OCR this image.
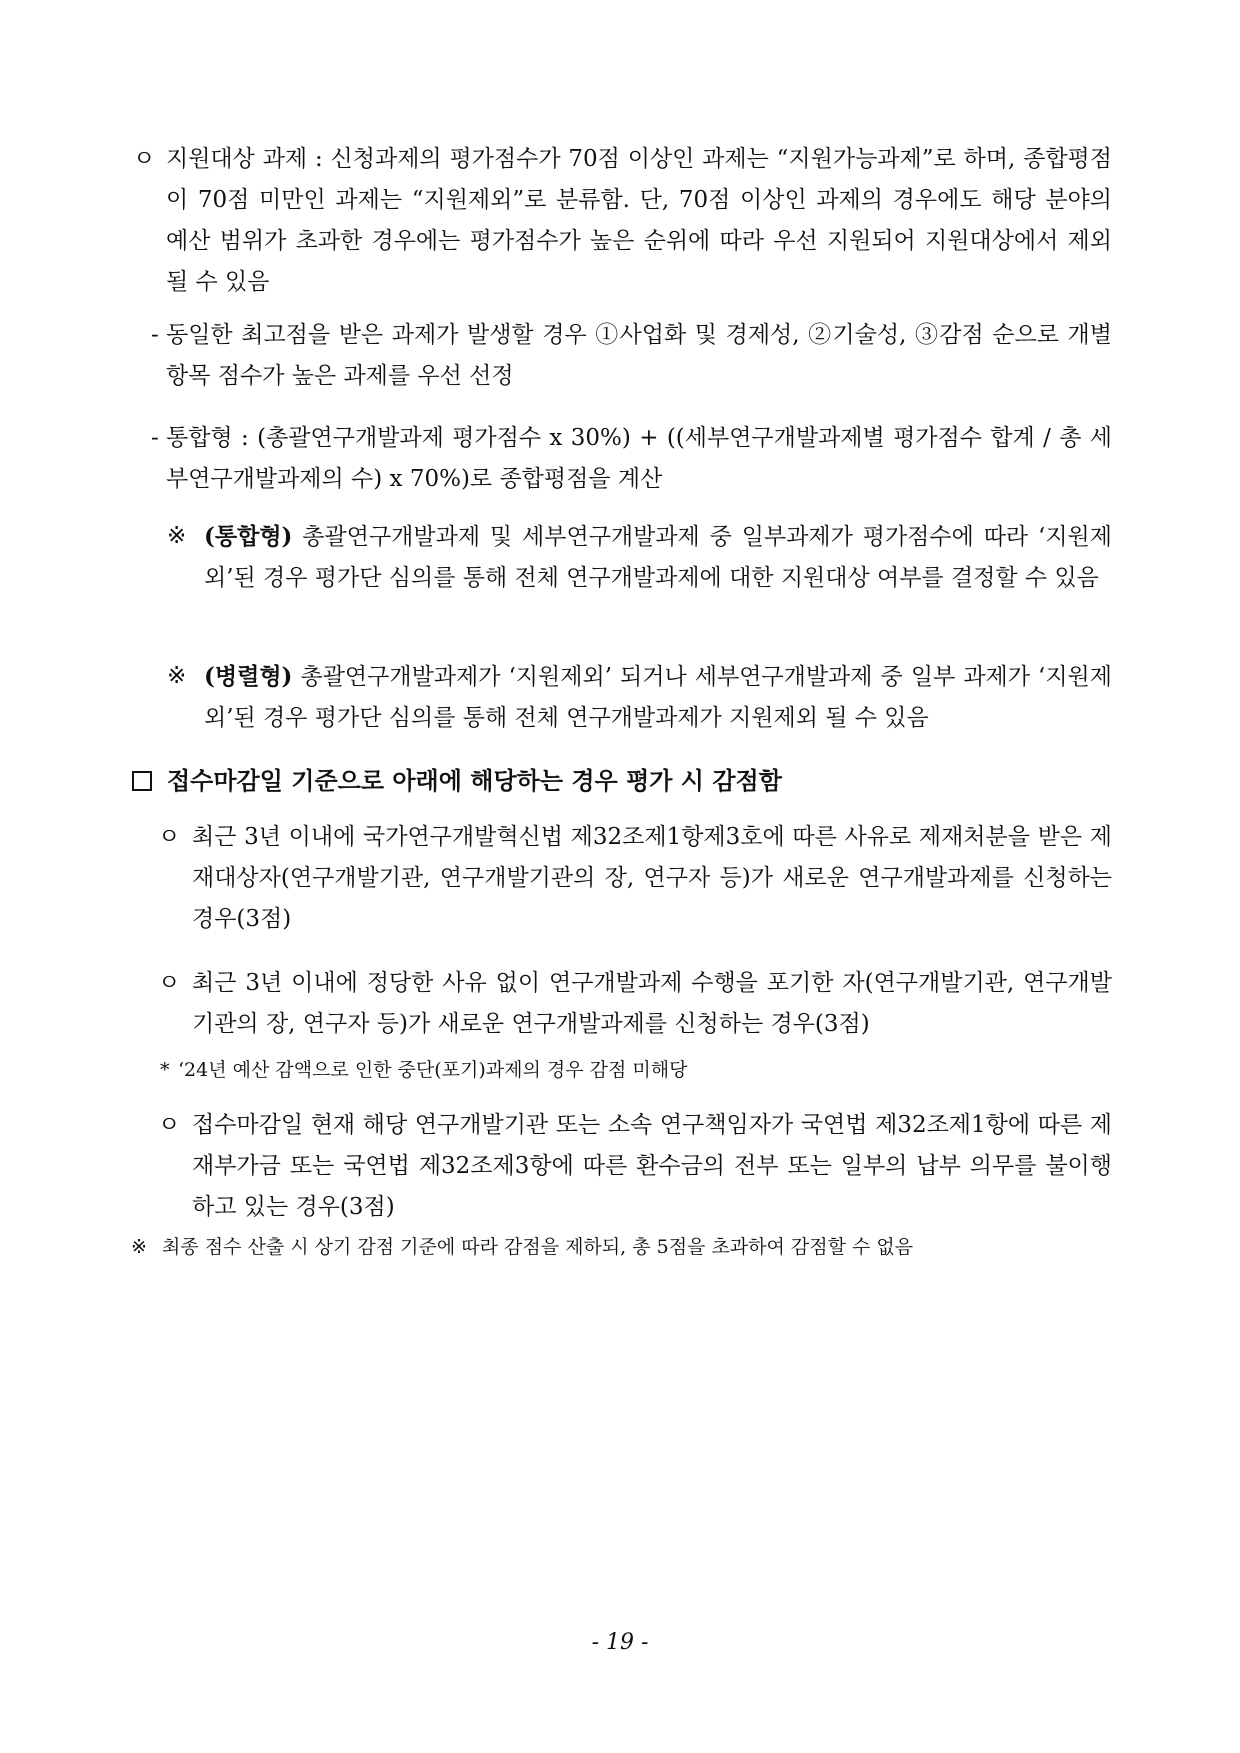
ㅇ 지원대상 과제 : 신청과제의 평가점수가 70점 이상인 과제는 “지원가능과제”로 하며, 종합평점이 70점 미만인 과제는 “지원제외”로 분류함. 단, 70점 이상인 과제의 경우에도 해당 분야의 예산 범위가 초과한 경우에는 평가점수가 높은 순위에 따라 우선 지원되어 지원대상에서 제외될 수 있음
- 동일한 최고점을 받은 과제가 발생할 경우 ①사업화 및 경제성, ②기술성, ③감점 순으로 개별 항목 점수가 높은 과제를 우선 선정
- 통합형 : (총괄연구개발과제 평가점수 x 30%) + ((세부연구개발과제별 평가점수 합계 / 총 세부연구개발과제의 수) x 70%)로 종합평점을 계산
※ (통합형) 총괄연구개발과제 및 세부연구개발과제 중 일부과제가 평가점수에 따라 ‘지원제외’된 경우 평가단 심의를 통해 전체 연구개발과제에 대한 지원대상 여부를 결정할 수 있음
※ (병렬형) 총괄연구개발과제가 ‘지원제외’ 되거나 세부연구개발과제 중 일부 과제가 ‘지원제외’된 경우 평가단 심의를 통해 전체 연구개발과제가 지원제외 될 수 있음
접수마감일 기준으로 아래에 해당하는 경우 평가 시 감점함
ㅇ 최근 3년 이내에 국가연구개발혁신법 제32조제1항제3호에 따른 사유로 제재처분을 받은 제재대상자(연구개발기관, 연구개발기관의 장, 연구자 등)가 새로운 연구개발과제를 신청하는 경우(3점)
ㅇ 최근 3년 이내에 정당한 사유 없이 연구개발과제 수행을 포기한 자(연구개발기관, 연구개발기관의 장, 연구자 등)가 새로운 연구개발과제를 신청하는 경우(3점)
* ‘24년 예산 감액으로 인한 중단(포기)과제의 경우 감점 미해당
ㅇ 접수마감일 현재 해당 연구개발기관 또는 소속 연구책임자가 국연법 제32조제1항에 따른 제재부가금 또는 국연법 제32조제3항에 따른 환수금의 전부 또는 일부의 납부 의무를 불이행하고 있는 경우(3점)
※ 최종 점수 산출 시 상기 감점 기준에 따라 감점을 제하되, 총 5점을 초과하여 감점할 수 없음
- 19 -
